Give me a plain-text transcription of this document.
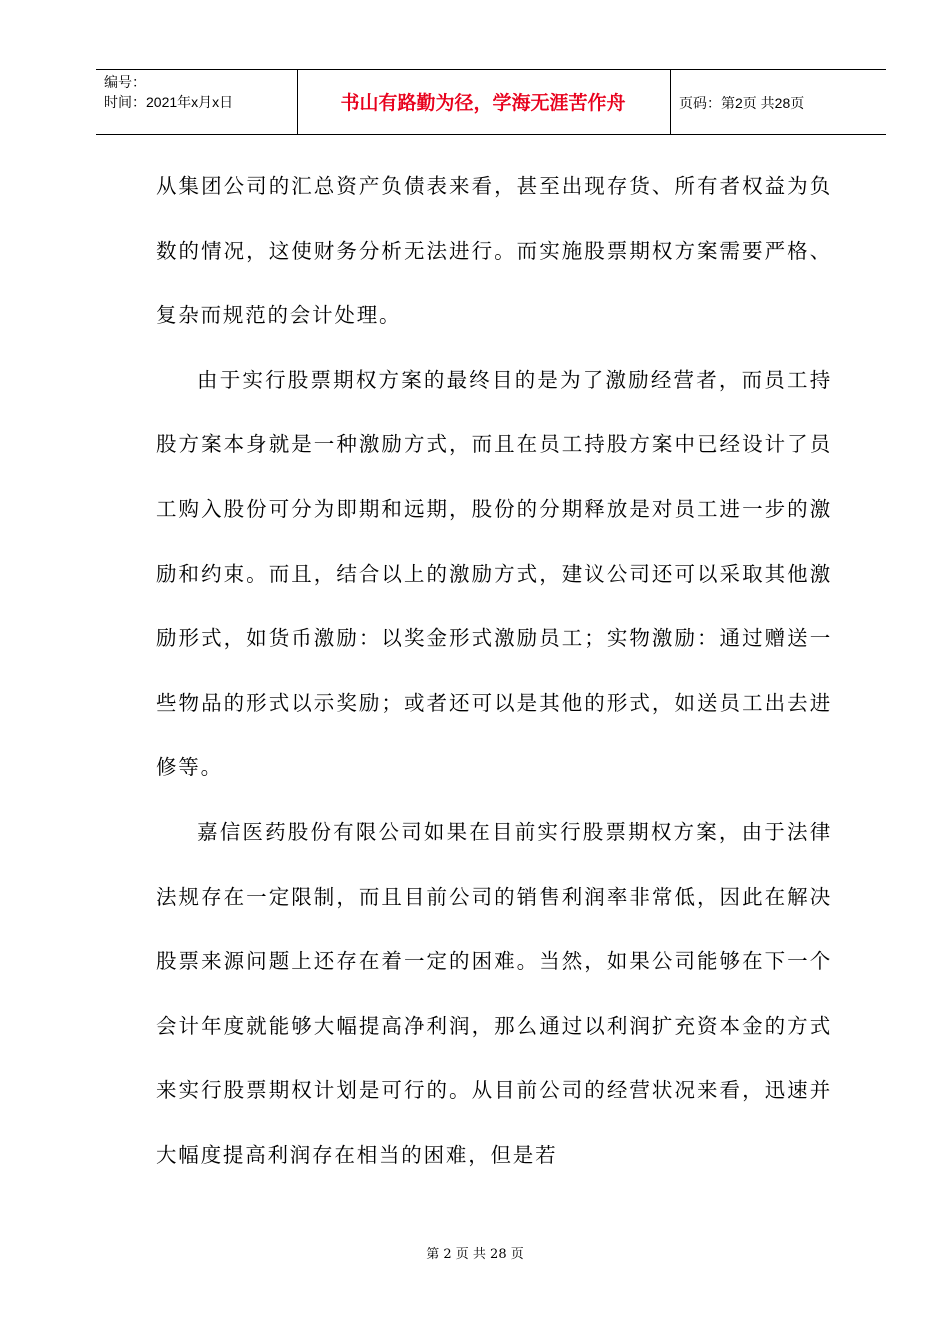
编号：
时间：2021年x月x日	书山有路勤为径，学海无涯苦作舟	页码：第2页 共28页

从集团公司的汇总资产负债表来看，甚至出现存货、所有者权益为负数的情况，这使财务分析无法进行。而实施股票期权方案需要严格、复杂而规范的会计处理。

由于实行股票期权方案的最终目的是为了激励经营者，而员工持股方案本身就是一种激励方式，而且在员工持股方案中已经设计了员工购入股份可分为即期和远期，股份的分期释放是对员工进一步的激励和约束。而且，结合以上的激励方式，建议公司还可以采取其他激励形式，如货币激励：以奖金形式激励员工；实物激励：通过赠送一些物品的形式以示奖励；或者还可以是其他的形式，如送员工出去进修等。

嘉信医药股份有限公司如果在目前实行股票期权方案，由于法律法规存在一定限制，而且目前公司的销售利润率非常低，因此在解决股票来源问题上还存在着一定的困难。当然，如果公司能够在下一个会计年度就能够大幅提高净利润，那么通过以利润扩充资本金的方式来实行股票期权计划是可行的。从目前公司的经营状况来看，迅速并大幅度提高利润存在相当的困难，但是若

第 2 页 共 28 页
